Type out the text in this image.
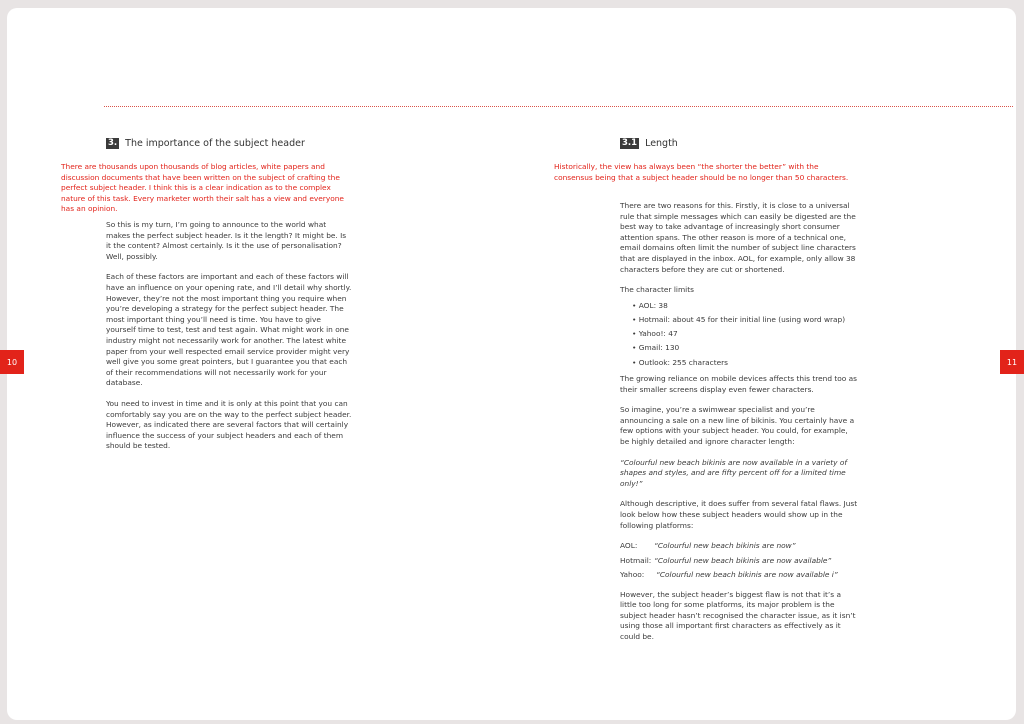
10	11
3. The importance of the subject header

There are thousands upon thousands of blog articles, white papers and discussion documents that have been written on the subject of crafting the perfect subject header. I think this is a clear indication as to the complex nature of this task. Every marketer worth their salt has a view and everyone has an opinion.

So this is my turn, I’m going to announce to the world what makes the perfect subject header. Is it the length? It might be. Is it the content? Almost certainly. Is it the use of personalisation? Well, possibly.

Each of these factors are important and each of these factors will have an influence on your opening rate, and I’ll detail why shortly. However, they’re not the most important thing you require when you’re developing a strategy for the perfect subject header. The most important thing you’ll need is time. You have to give yourself time to test, test and test again. What might work in one industry might not necessarily work for another. The latest white paper from your well respected email service provider might very well give you some great pointers, but I guarantee you that each of their recommendations will not necessarily work for your database.

You need to invest in time and it is only at this point that you can comfortably say you are on the way to the perfect subject header. However, as indicated there are several factors that will certainly influence the success of your subject headers and each of them should be tested.

3.1 Length

Historically, the view has always been “the shorter the better” with the consensus being that a subject header should be no longer than 50 characters.

There are two reasons for this. Firstly, it is close to a universal rule that simple messages which can easily be digested are the best way to take advantage of increasingly short consumer attention spans. The other reason is more of a technical one, email domains often limit the number of subject line characters that are displayed in the inbox. AOL, for example, only allow 38 characters before they are cut or shortened.

The character limits

• AOL: 38
• Hotmail: about 45 for their initial line (using word wrap)
• Yahoo!: 47
• Gmail: 130
• Outlook: 255 characters

The growing reliance on mobile devices affects this trend too as their smaller screens display even fewer characters.

So imagine, you’re a swimwear specialist and you’re announcing a sale on a new line of bikinis. You certainly have a few options with your subject header. You could, for example, be highly detailed and ignore character length:

“Colourful new beach bikinis are now available in a variety of shapes and styles, and are fifty percent off for a limited time only!”

Although descriptive, it does suffer from several fatal flaws. Just look below how these subject headers would show up in the following platforms:

AOL:	“Colourful new beach bikinis are now”
Hotmail: “Colourful new beach bikinis are now available”
Yahoo:	“Colourful new beach bikinis are now available i”

However, the subject header’s biggest flaw is not that it’s a little too long for some platforms, its major problem is the subject header hasn’t recognised the character issue, as it isn’t using those all important first characters as effectively as it could be.
